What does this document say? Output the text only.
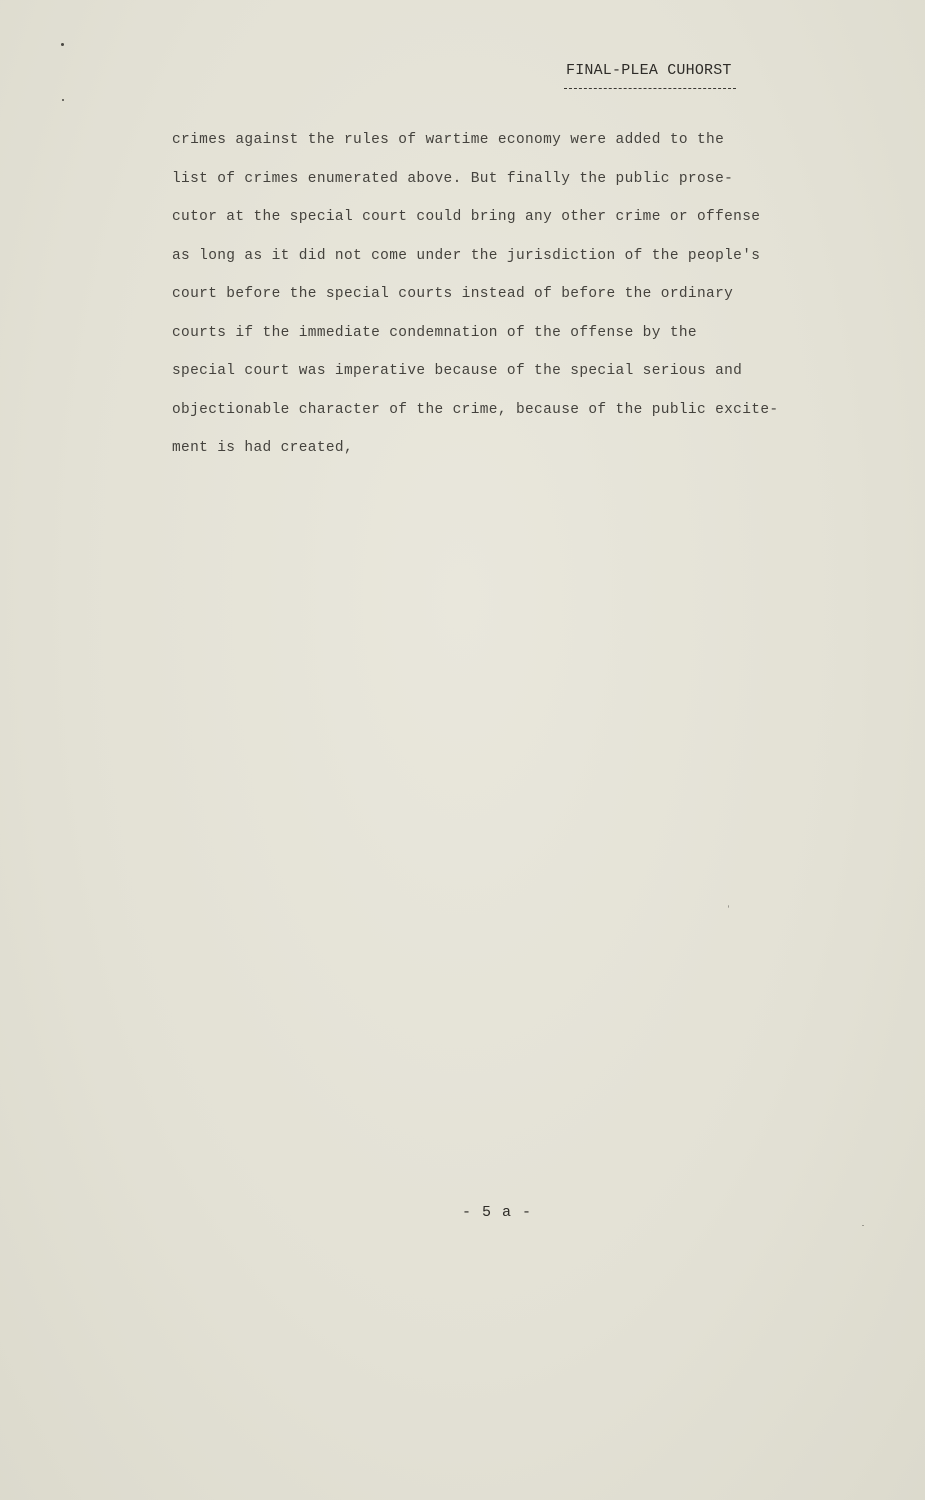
FINAL-PLEA CUHORST
crimes against the rules of wartime economy were added to the
list of crimes enumerated above. But finally the public prose-
cutor at the special court could bring any other crime or offense
as long as it did not come under the jurisdiction of the people's
court before the special courts instead of before the ordinary
courts if the immediate condemnation of the offense by the
special court was imperative because of the special serious and
objectionable character of the crime, because of the public excite-
ment is had created,
- 5 a -
